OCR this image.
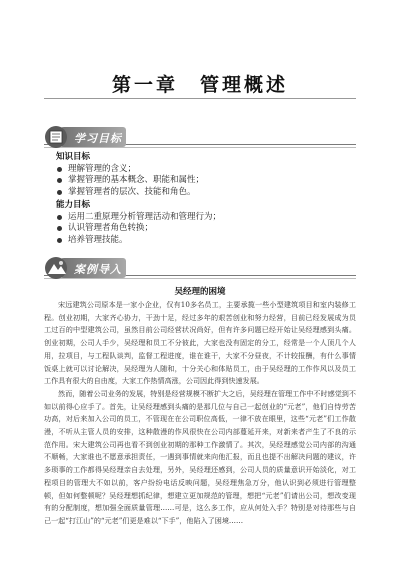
第一章　管理概述
学习目标
知识目标
理解管理的含义；
掌握管理的基本概念、职能和属性；
掌握管理者的层次、技能和角色。
能力目标
运用二重原理分析管理活动和管理行为；
认识管理者角色转换；
培养管理技能。
案例导入
吴经理的困境

宋远建筑公司原本是一家小企业，仅有10多名员工，主要承揽一些小型建筑项目和室内装修工程。创业初期，大家齐心协力，干劲十足，经过多年的艰苦创业和努力经营，目前已经发展成为员工过百的中型建筑公司，虽然目前公司经营状况尚好，但有许多问题已经开始让吴经理感到头痛。创业初期，公司人手少，吴经理和员工不分彼此，大家也没有固定的分工，经常是一个人顶几个人用，拉项目，与工程队谈判，监督工程进度，谁在谁干，大家不分昼夜，不计较报酬，有什么事情饭桌上就可以讨论解决，吴经理为人随和，十分关心和体贴员工，由于吴经理的工作作风以及员工工作具有很大的自由度，大家工作热情高涨，公司因此得到快速发展。

然而，随着公司业务的发展，特别是经营规模不断扩大之后，吴经理在管理工作中不时感觉到不如以前得心应手了。首先，让吴经理感到头痛的是那几位与自己一起创业的“元老”，他们自恃劳苦功高，对后来加入公司的员工，不管现在在公司职位高低，一律不放在眼里，这些“元老”们工作散漫，不听从主管人员的安排，这种散漫的作风很快在公司内部蔓延开来，对新来者产生了不良的示范作用。宋大建筑公司再也看不到创业初期的那种工作激情了。其次，吴经理感觉公司内部的沟通不顺畅，大家谁也不愿意承担责任，一遇到事情就来向他汇报，而且也提不出解决问题的建议，许多琐事的工作都得吴经理亲自去处理，另外，吴经理还感到，公司人员的质量意识开始淡化，对工程项目的管理大不如以前，客户纷纷电话反映问题，吴经理焦急万分，他认识到必须进行管理整顿，但如何整顿呢？吴经理想抓纪律，想建立更加规范的管理，想把“元老”们请出公司，想改变现有的分配制度，想加强全面质量管理……可是，这么多工作，应从何处入手？特别是对待那些与自己一起“打江山”的“元老”们更是难以“下手”，他陷入了困境……
